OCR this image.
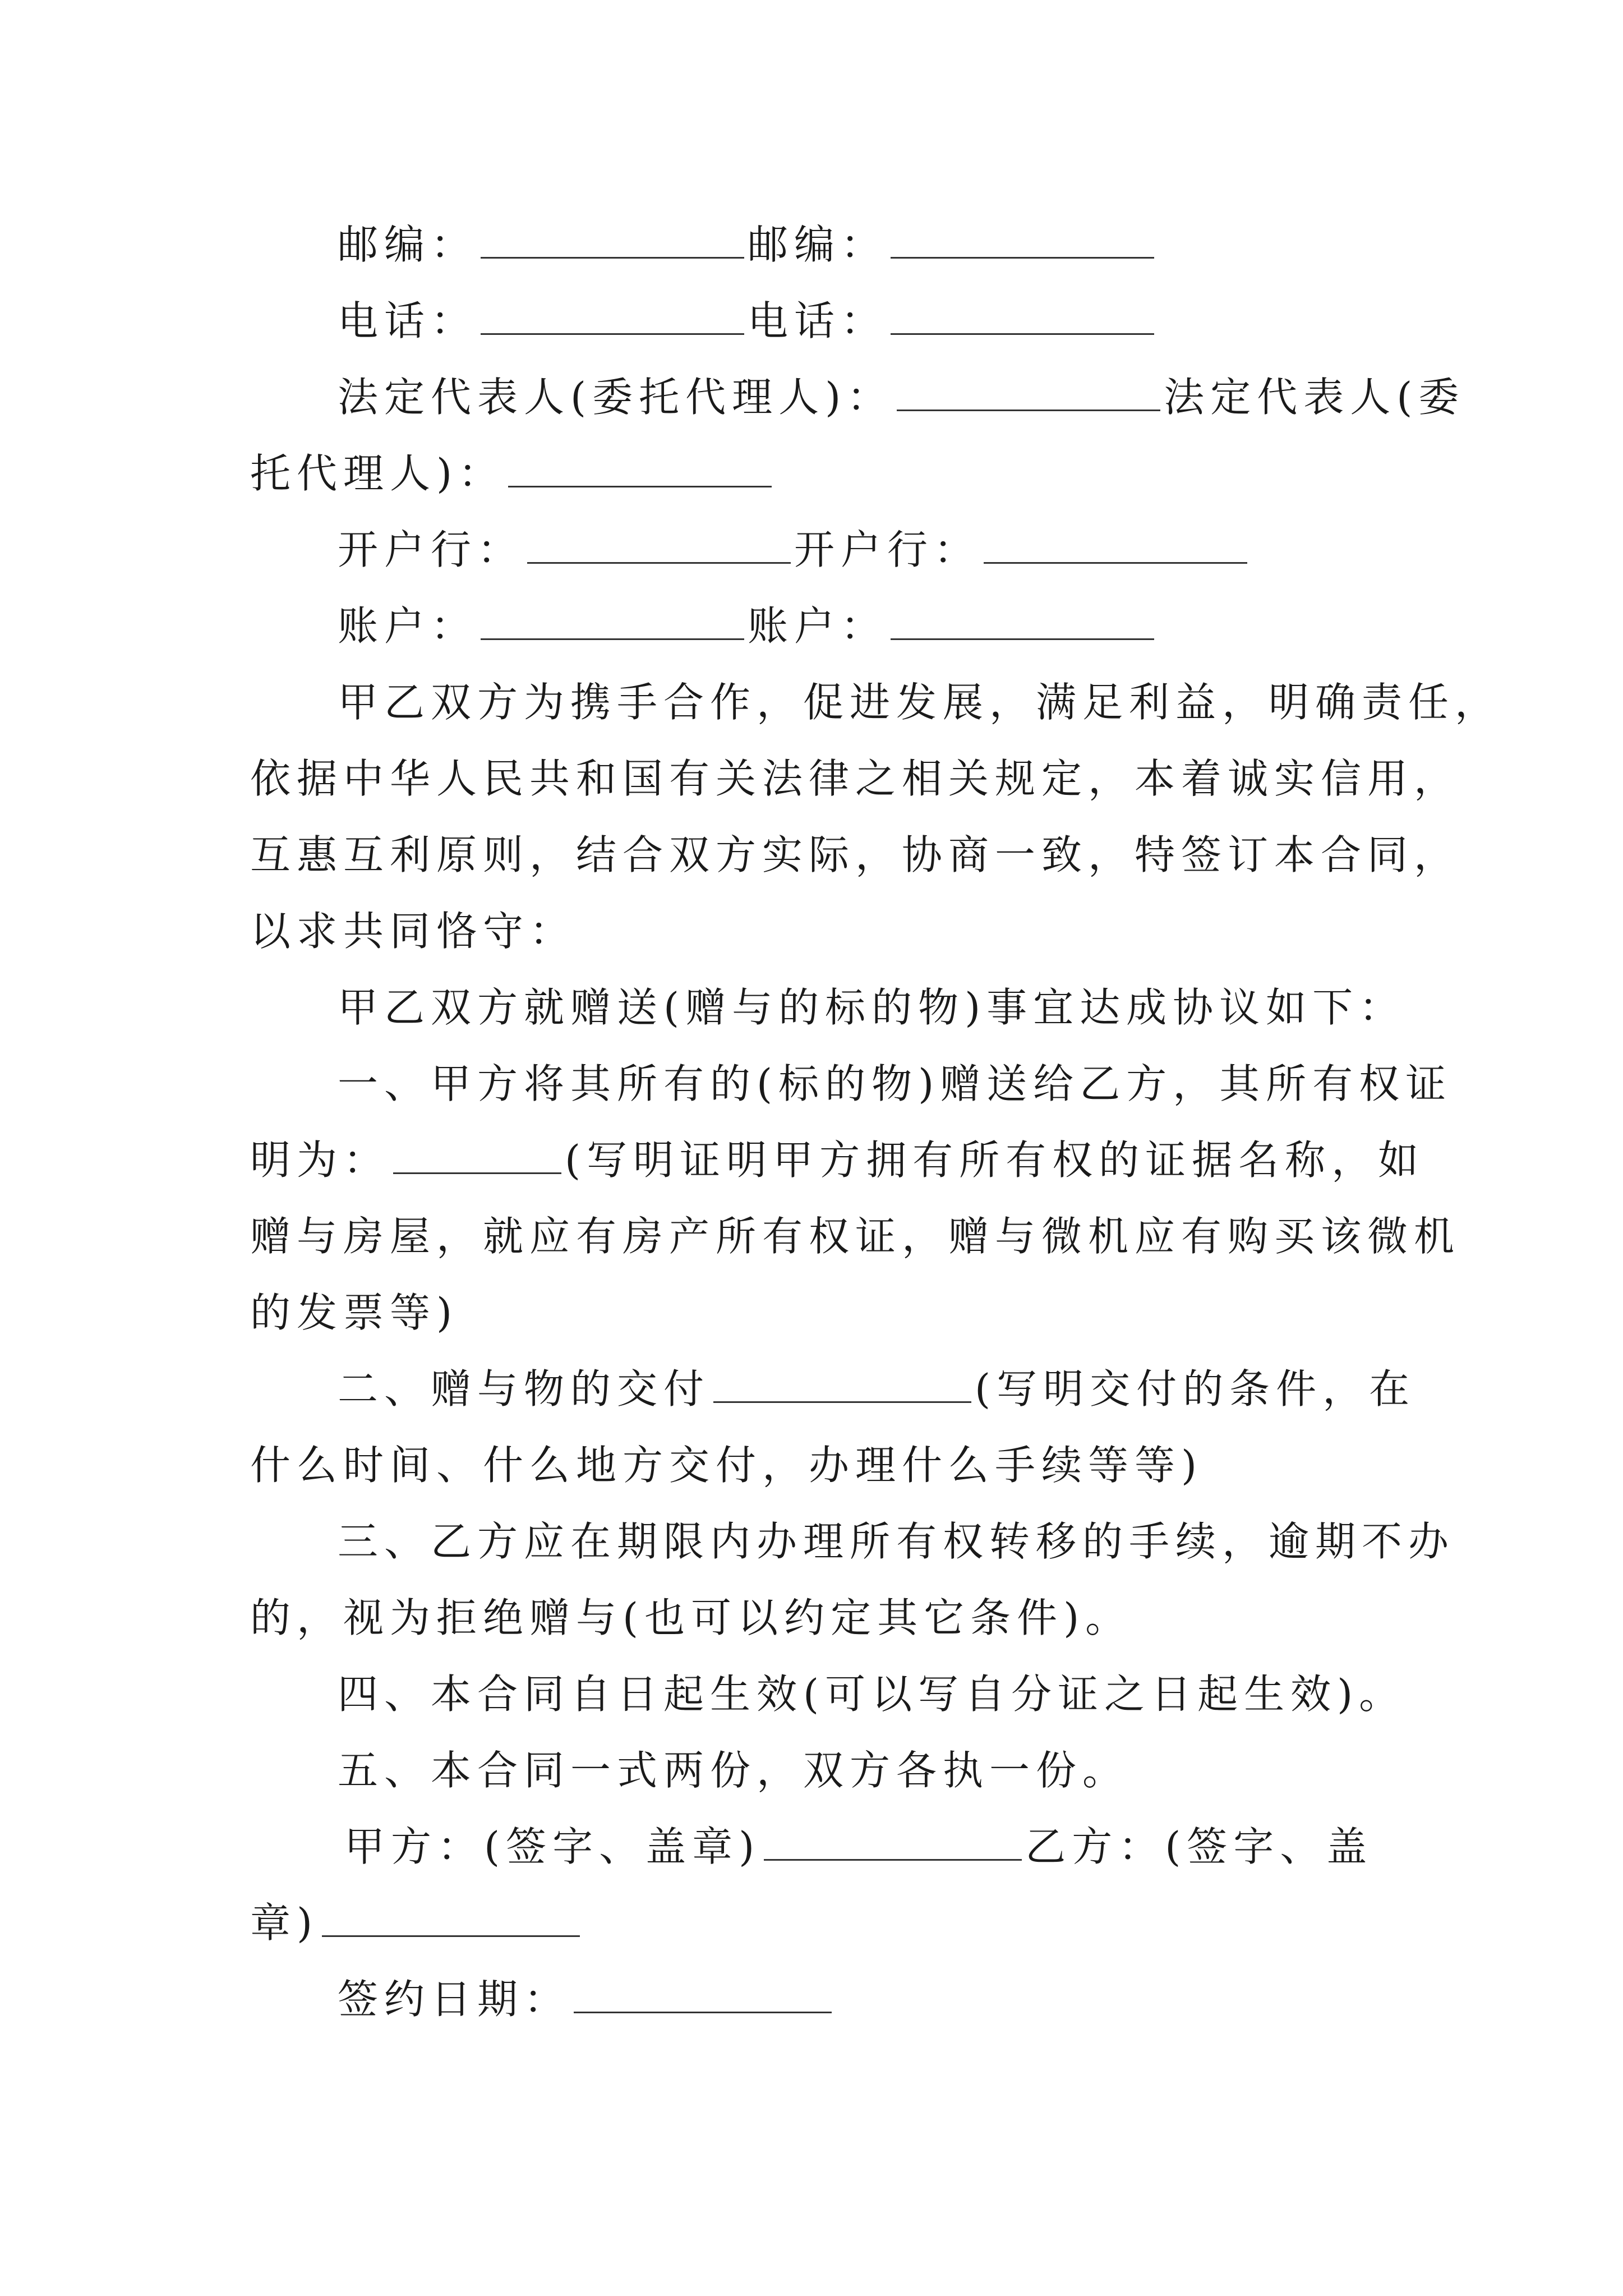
邮编：	邮编：
电话：	电话：
法定代表人(委托代理人)：	法定代表人(委
托代理人)：
开户行：	开户行：
账户：	账户：
甲乙双方为携手合作，促进发展，满足利益，明确责任，
依据中华人民共和国有关法律之相关规定，本着诚实信用，
互惠互利原则，结合双方实际，协商一致，特签订本合同，
以求共同恪守：
甲乙双方就赠送(赠与的标的物)事宜达成协议如下：
一、甲方将其所有的(标的物)赠送给乙方，其所有权证
明为：	(写明证明甲方拥有所有权的证据名称，如
赠与房屋，就应有房产所有权证，赠与微机应有购买该微机
的发票等)
二、赠与物的交付	(写明交付的条件，在
什么时间、什么地方交付，办理什么手续等等)
三、乙方应在期限内办理所有权转移的手续，逾期不办
的，视为拒绝赠与(也可以约定其它条件)。
四、本合同自日起生效(可以写自分证之日起生效)。
五、本合同一式两份，双方各执一份。
甲方：(签字、盖章)	乙方：(签字、盖
章)
签约日期：
